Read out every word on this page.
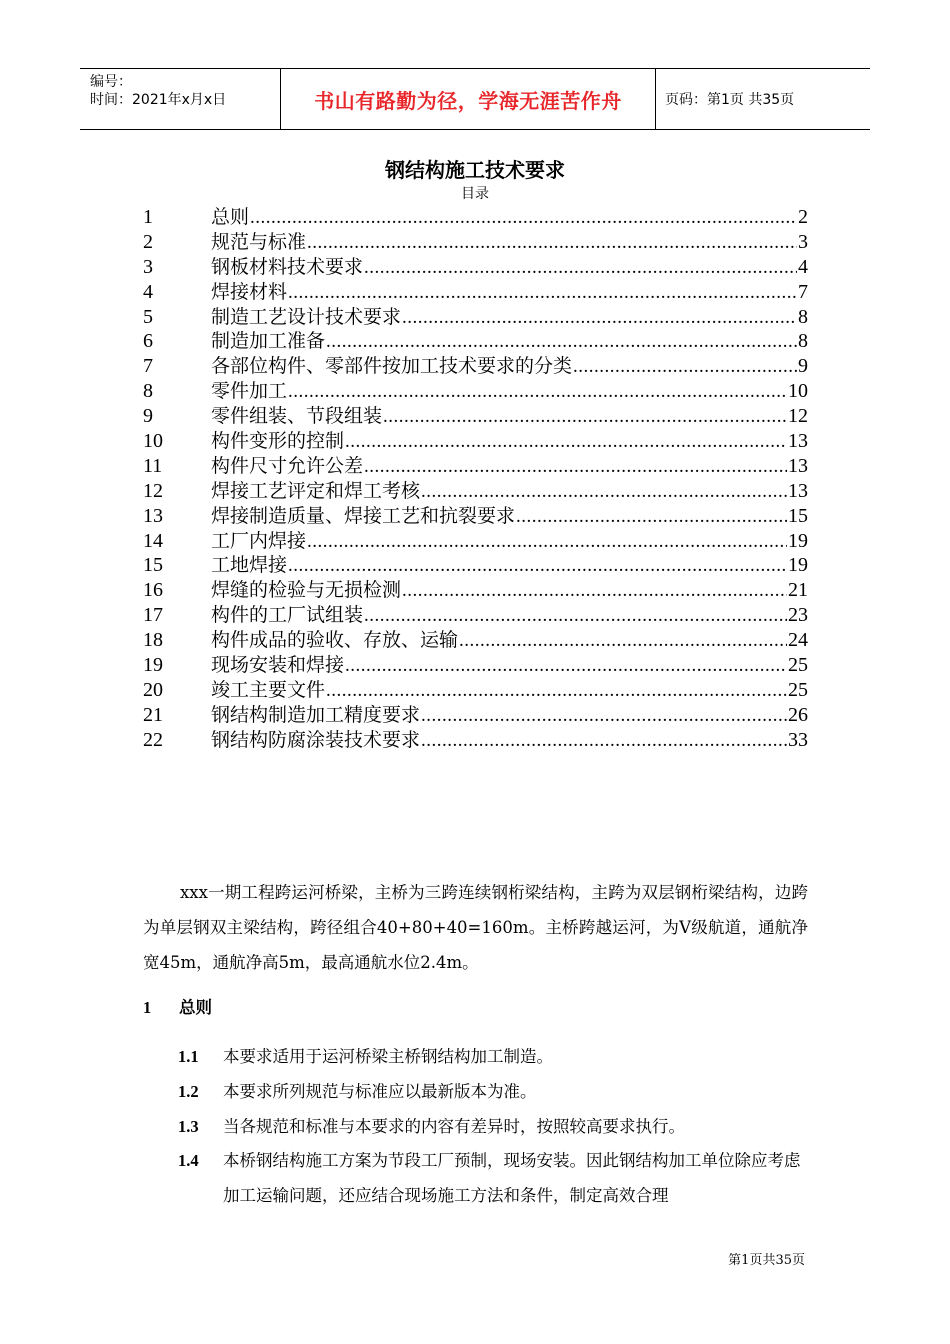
编号：
时间：2021年x月x日	书山有路勤为径，学海无涯苦作舟	页码：第1页 共35页
钢结构施工技术要求
目录
1	总则 .....	2
2	规范与标准 .....	3
3	钢板材料技术要求 .....	4
4	焊接材料 .....	7
5	制造工艺设计技术要求 .....	8
6	制造加工准备 .....	8
7	各部位构件、零部件按加工技术要求的分类 .....	9
8	零件加工 .....	10
9	零件组装、节段组装 .....	12
10	构件变形的控制 .....	13
11	构件尺寸允许公差 .....	13
12	焊接工艺评定和焊工考核 .....	13
13	焊接制造质量、焊接工艺和抗裂要求 .....	15
14	工厂内焊接 .....	19
15	工地焊接 .....	19
16	焊缝的检验与无损检测 .....	21
17	构件的工厂试组装 .....	23
18	构件成品的验收、存放、运输 .....	24
19	现场安装和焊接 .....	25
20	竣工主要文件 .....	25
21	钢结构制造加工精度要求 .....	26
22	钢结构防腐涂装技术要求 .....	33
xxx一期工程跨运河桥梁，主桥为三跨连续钢桁梁结构，主跨为双层钢桁梁结构，边跨为单层钢双主梁结构，跨径组合40+80+40=160m。主桥跨越运河，为V级航道，通航净宽45m，通航净高5m，最高通航水位2.4m。
1 总则
1.1	本要求适用于运河桥梁主桥钢结构加工制造。
1.2	本要求所列规范与标准应以最新版本为准。
1.3	当各规范和标准与本要求的内容有差异时，按照较高要求执行。
1.4	本桥钢结构施工方案为节段工厂预制，现场安装。因此钢结构加工单位除应考虑加工运输问题，还应结合现场施工方法和条件，制定高效合理
第1页共35页
